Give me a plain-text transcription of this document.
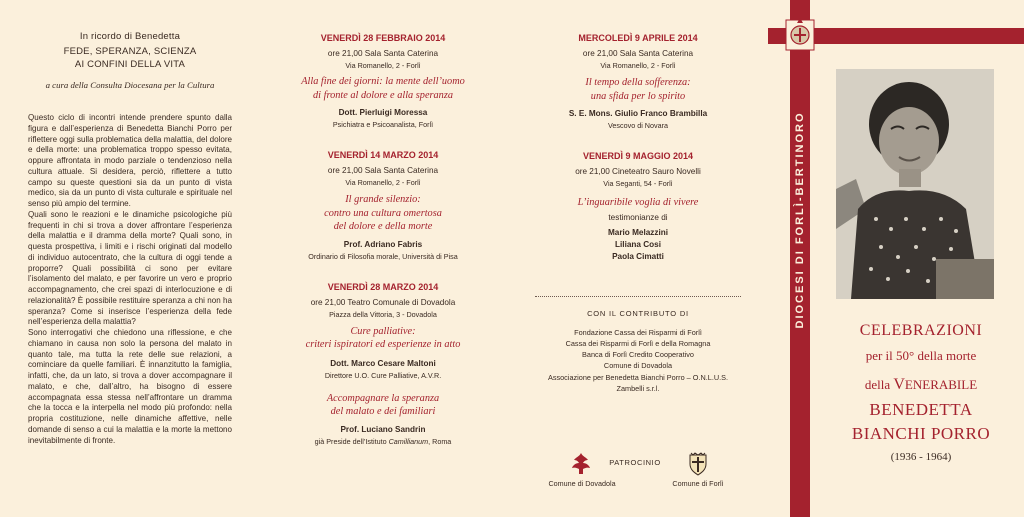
In ricordo di Benedetta
FEDE, SPERANZA, SCIENZA
AI CONFINI DELLA VITA
a cura della Consulta Diocesana per la Cultura

Questo ciclo di incontri intende prendere spunto dalla figura e dall’esperienza di Benedetta Bianchi Porro per riflettere oggi sulla problematica della malattia, del dolore e della morte: una problematica troppo spesso evitata, oppure affrontata in modo parziale o tendenzioso nella cultura attuale. Si desidera, perciò, riflettere a tutto campo su queste questioni sia da un punto di vista medico, sia da un punto di vista culturale e spirituale nel senso più ampio del termine.

Quali sono le reazioni e le dinamiche psicologiche più frequenti in chi si trova a dover affrontare l’esperienza della malattia e il dramma della morte? Quali sono, in questa prospettiva, i limiti e i rischi originati dal modello di individuo autocentrato, che la cultura di oggi tende a proporre? Quali possibilità ci sono per evitare l’isolamento del malato, e per favorire un vero e proprio accompagnamento, che crei spazi di interlocuzione e di relazionalità? È possibile restituire speranza a chi non ha speranza? Come si inserisce l’esperienza della fede nell’esperienza della malattia?

Sono interrogativi che chiedono una riflessione, e che chiamano in causa non solo la persona del malato in quanto tale, ma tutta la rete delle sue relazioni, a cominciare da quelle familiari. È innanzitutto la famiglia, infatti, che, da un lato, si trova a dover accompagnare il malato, e che, dall’altro, ha bisogno di essere accompagnata essa stessa nell’affrontare un dramma che la tocca e la interpella nel modo più profondo: nella propria costituzione, nelle dinamiche affettive, nelle domande di senso a cui la malattia e la morte la mettono inevitabilmente di fronte.

VENERDÌ 28 FEBBRAIO 2014
ore 21,00 Sala Santa Caterina
Via Romanello, 2 - Forlì
Alla fine dei giorni: la mente dell’uomo
di fronte al dolore e alla speranza
Dott. Pierluigi Moressa
Psichiatra e Psicoanalista, Forlì
VENERDÌ 14 MARZO 2014
ore 21,00 Sala Santa Caterina
Via Romanello, 2 - Forlì
Il grande silenzio:
contro una cultura omertosa
del dolore e della morte
Prof. Adriano Fabris
Ordinario di Filosofia morale, Università di Pisa
VENERDÌ 28 MARZO 2014
ore 21,00 Teatro Comunale di Dovadola
Piazza della Vittoria, 3 - Dovadola
Cure palliative:
criteri ispiratori ed esperienze in atto
Dott. Marco Cesare Maltoni
Direttore U.O. Cure Palliative, A.V.R.
Accompagnare la speranza
del malato e dei familiari
Prof. Luciano Sandrin
già Preside dell’Istituto Camillianum, Roma
MERCOLEDÌ 9 APRILE 2014
ore 21,00 Sala Santa Caterina
Via Romanello, 2 - Forlì
Il tempo della sofferenza:
una sfida per lo spirito
S. E. Mons. Giulio Franco Brambilla
Vescovo di Novara
VENERDÌ 9 MAGGIO 2014
ore 21,00 Cineteatro Sauro Novelli
Via Seganti, 54 - Forlì
L’inguaribile voglia di vivere
testimonianze di
Mario Melazzini
Liliana Cosi
Paola Cimatti
CON IL CONTRIBUTO DI
Fondazione Cassa dei Risparmi di Forlì
Cassa dei Risparmi di Forlì e della Romagna
Banca di Forlì Credito Cooperativo
Comune di Dovadola
Associazione per Benedetta Bianchi Porro – O.N.L.U.S.
Zambelli s.r.l.
Comune di Dovadola
PATROCINIO
Comune di Forlì
DIOCESI DI FORLÌ-BERTINORO
CELEBRAZIONI
per il 50° della morte
della VENERABILE
BENEDETTA
BIANCHI PORRO
(1936 - 1964)
